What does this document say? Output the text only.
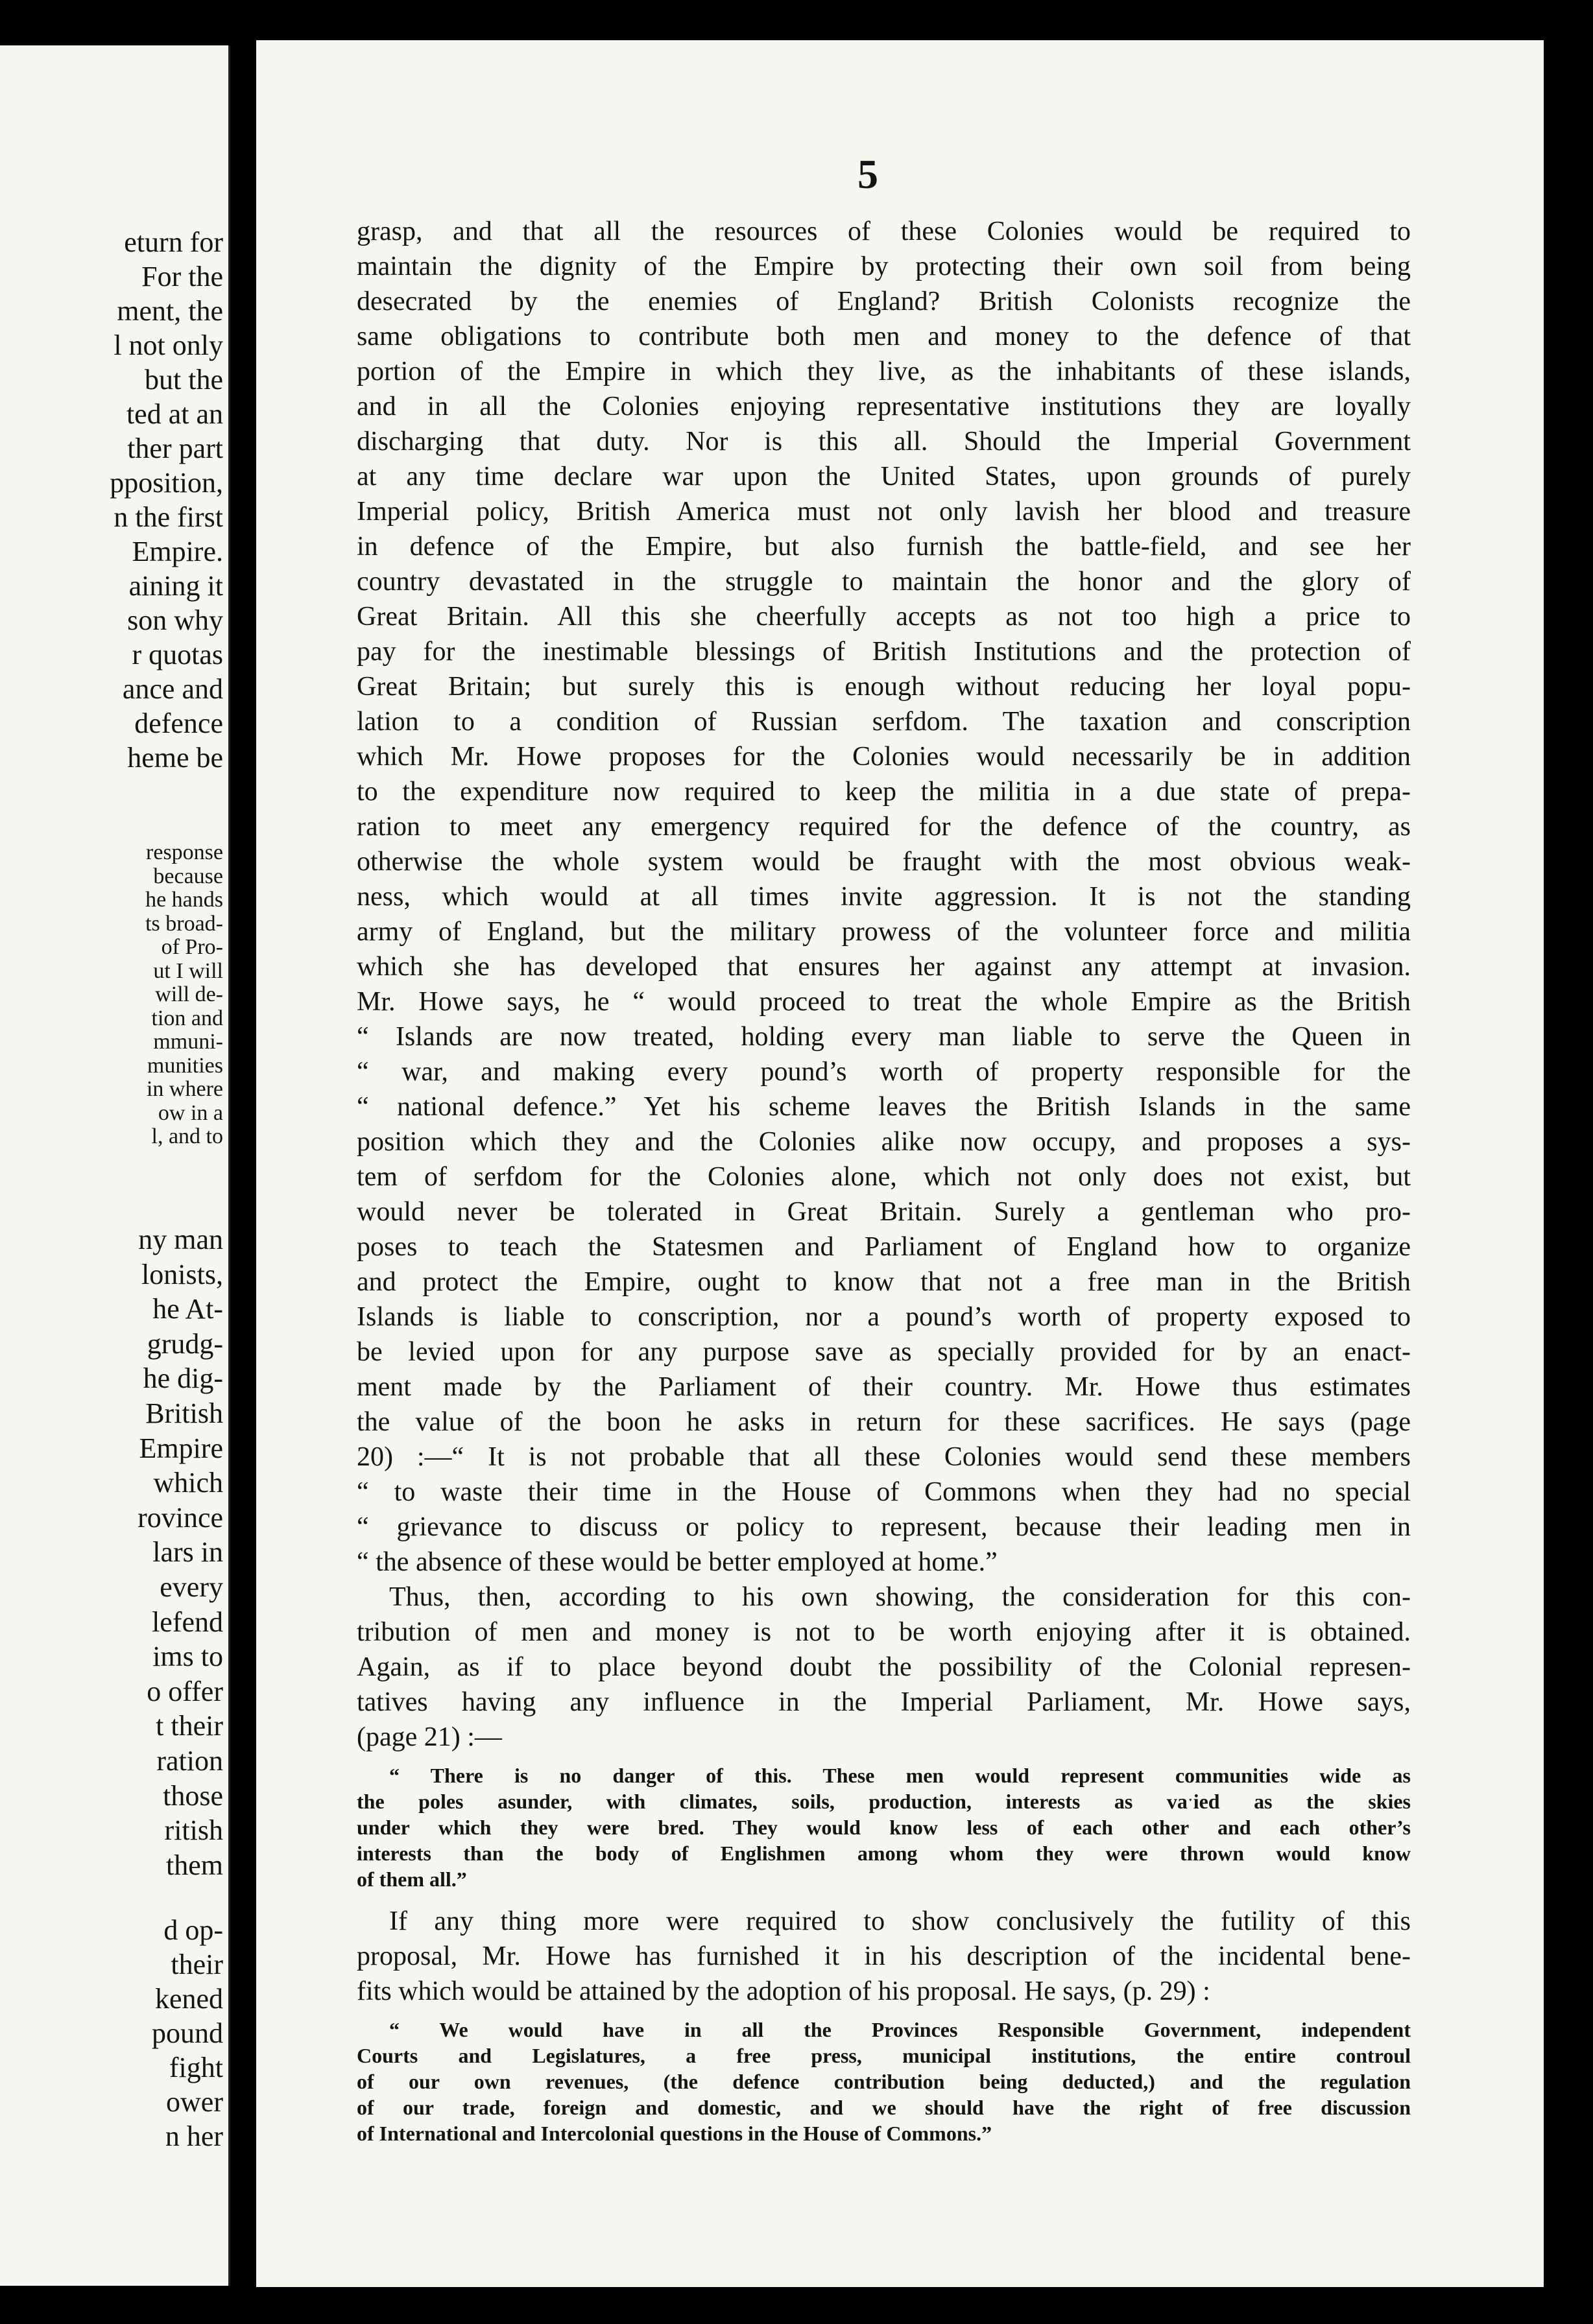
eturn for
For the
ment, the
l not only
but the
ted at an
ther part
pposition,
n the first
Empire.
aining it
son why
r quotas
ance and
defence
heme be
response
because
he hands
ts broad-
of Pro-
ut I will
will de-
tion and
mmuni-
munities
in where
ow in a
l, and to
ny man
lonists,
he At-
grudg-
he dig-
British
Empire
which
rovince
lars in
every
lefend
ims to
o offer
t their
ration
those
ritish
them
d op-
their
kened
pound
fight
ower
n her
5
grasp, and that all the resources of these Colonies would be required to
maintain the dignity of the Empire by protecting their own soil from being
desecrated by the enemies of England? British Colonists recognize the
same obligations to contribute both men and money to the defence of that
portion of the Empire in which they live, as the inhabitants of these islands,
and in all the Colonies enjoying representative institutions they are loyally
discharging that duty. Nor is this all. Should the Imperial Government
at any time declare war upon the United States, upon grounds of purely
Imperial policy, British America must not only lavish her blood and treasure
in defence of the Empire, but also furnish the battle-field, and see her
country devastated in the struggle to maintain the honor and the glory of
Great Britain. All this she cheerfully accepts as not too high a price to
pay for the inestimable blessings of British Institutions and the protection of
Great Britain; but surely this is enough without reducing her loyal popu-
lation to a condition of Russian serfdom. The taxation and conscription
which Mr. Howe proposes for the Colonies would necessarily be in addition
to the expenditure now required to keep the militia in a due state of prepa-
ration to meet any emergency required for the defence of the country, as
otherwise the whole system would be fraught with the most obvious weak-
ness, which would at all times invite aggression. It is not the standing
army of England, but the military prowess of the volunteer force and militia
which she has developed that ensures her against any attempt at invasion.
Mr. Howe says, he “ would proceed to treat the whole Empire as the British
“ Islands are now treated, holding every man liable to serve the Queen in
“ war, and making every pound’s worth of property responsible for the
“ national defence.” Yet his scheme leaves the British Islands in the same
position which they and the Colonies alike now occupy, and proposes a sys-
tem of serfdom for the Colonies alone, which not only does not exist, but
would never be tolerated in Great Britain. Surely a gentleman who pro-
poses to teach the Statesmen and Parliament of England how to organize
and protect the Empire, ought to know that not a free man in the British
Islands is liable to conscription, nor a pound’s worth of property exposed to
be levied upon for any purpose save as specially provided for by an enact-
ment made by the Parliament of their country. Mr. Howe thus estimates
the value of the boon he asks in return for these sacrifices. He says (page
20) :—“ It is not probable that all these Colonies would send these members
“ to waste their time in the House of Commons when they had no special
“ grievance to discuss or policy to represent, because their leading men in
“ the absence of these would be better employed at home.”
Thus, then, according to his own showing, the consideration for this con-
tribution of men and money is not to be worth enjoying after it is obtained.
Again, as if to place beyond doubt the possibility of the Colonial represen-
tatives having any influence in the Imperial Parliament, Mr. Howe says,
(page 21) :—
“ There is no danger of this. These men would represent communities wide as
the poles asunder, with climates, soils, production, interests as vaˑied as the skies
under which they were bred. They would know less of each other and each other’s
interests than the body of Englishmen among whom they were thrown would know
of them all.”
If any thing more were required to show conclusively the futility of this
proposal, Mr. Howe has furnished it in his description of the incidental bene-
fits which would be attained by the adoption of his proposal. He says, (p. 29) :
“ We would have in all the Provinces Responsible Government, independent
Courts and Legislatures, a free press, municipal institutions, the entire controul
of our own revenues, (the defence contribution being deducted,) and the regulation
of our trade, foreign and domestic, and we should have the right of free discussion
of International and Intercolonial questions in the House of Commons.”
